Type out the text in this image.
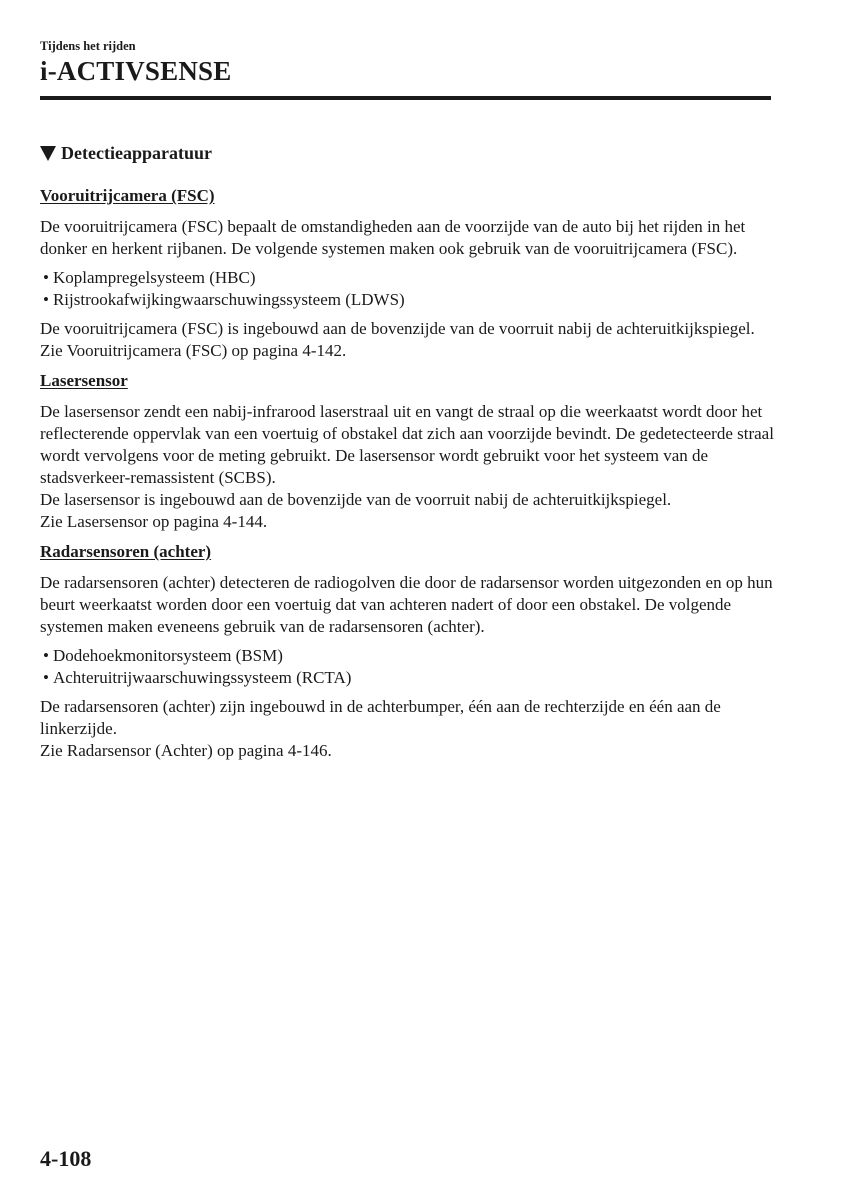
Tijdens het rijden
i-ACTIVSENSE
Detectieapparatuur
Vooruitrijcamera (FSC)

De vooruitrijcamera (FSC) bepaalt de omstandigheden aan de voorzijde van de auto bij het rijden in het donker en herkent rijbanen. De volgende systemen maken ook gebruik van de vooruitrijcamera (FSC).

• Koplampregelsysteem (HBC)
• Rijstrookafwijkingwaarschuwingssysteem (LDWS)

De vooruitrijcamera (FSC) is ingebouwd aan de bovenzijde van de voorruit nabij de achteruitkijkspiegel.
Zie Vooruitrijcamera (FSC) op pagina 4-142.

Lasersensor

De lasersensor zendt een nabij-infrarood laserstraal uit en vangt de straal op die weerkaatst wordt door het reflecterende oppervlak van een voertuig of obstakel dat zich aan voorzijde bevindt. De gedetecteerde straal wordt vervolgens voor de meting gebruikt. De lasersensor wordt gebruikt voor het systeem van de stadsverkeer-remassistent (SCBS).
De lasersensor is ingebouwd aan de bovenzijde van de voorruit nabij de achteruitkijkspiegel.
Zie Lasersensor op pagina 4-144.

Radarsensoren (achter)

De radarsensoren (achter) detecteren de radiogolven die door de radarsensor worden uitgezonden en op hun beurt weerkaatst worden door een voertuig dat van achteren nadert of door een obstakel. De volgende systemen maken eveneens gebruik van de radarsensoren (achter).

• Dodehoekmonitorsysteem (BSM)
• Achteruitrijwaarschuwingssysteem (RCTA)

De radarsensoren (achter) zijn ingebouwd in de achterbumper, één aan de rechterzijde en één aan de linkerzijde.
Zie Radarsensor (Achter) op pagina 4-146.

4-108
